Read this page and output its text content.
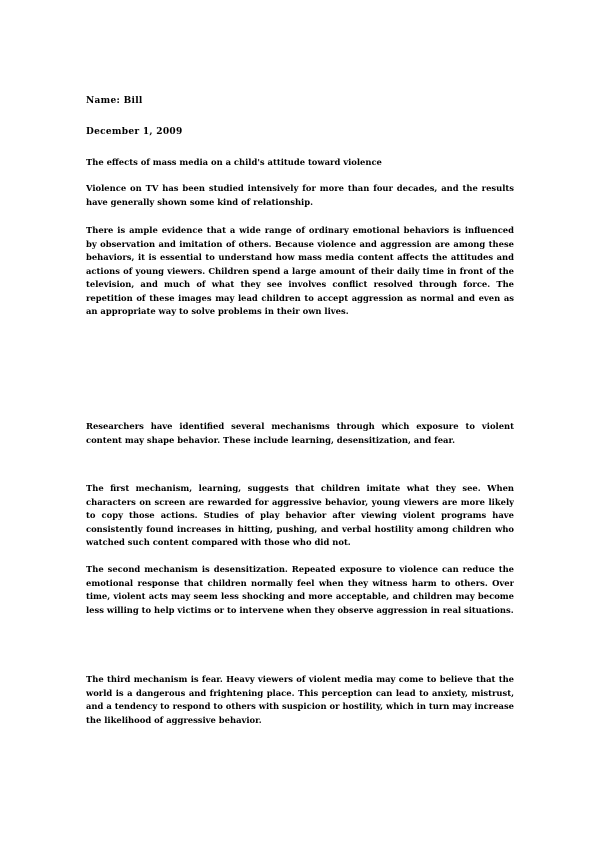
Name: Bill
December 1, 2009
The effects of mass media on a child's attitude toward violence
Violence on TV has been studied intensively for more than four decades, and the results have generally shown some kind of relationship.
There is ample evidence that a wide range of ordinary emotional behaviors is influenced by observation and imitation of others. Because violence and aggression are among these behaviors, it is essential to understand how mass media content affects the attitudes and actions of young viewers. Children spend a large amount of their daily time in front of the television, and much of what they see involves conflict resolved through force. The repetition of these images may lead children to accept aggression as normal and even as an appropriate way to solve problems in their own lives.
Researchers have identified several mechanisms through which exposure to violent content may shape behavior. These include learning, desensitization, and fear.
The first mechanism, learning, suggests that children imitate what they see. When characters on screen are rewarded for aggressive behavior, young viewers are more likely to copy those actions. Studies of play behavior after viewing violent programs have consistently found increases in hitting, pushing, and verbal hostility among children who watched such content compared with those who did not.
The second mechanism is desensitization. Repeated exposure to violence can reduce the emotional response that children normally feel when they witness harm to others. Over time, violent acts may seem less shocking and more acceptable, and children may become less willing to help victims or to intervene when they observe aggression in real situations.
The third mechanism is fear. Heavy viewers of violent media may come to believe that the world is a dangerous and frightening place. This perception can lead to anxiety, mistrust, and a tendency to respond to others with suspicion or hostility, which in turn may increase the likelihood of aggressive behavior.
